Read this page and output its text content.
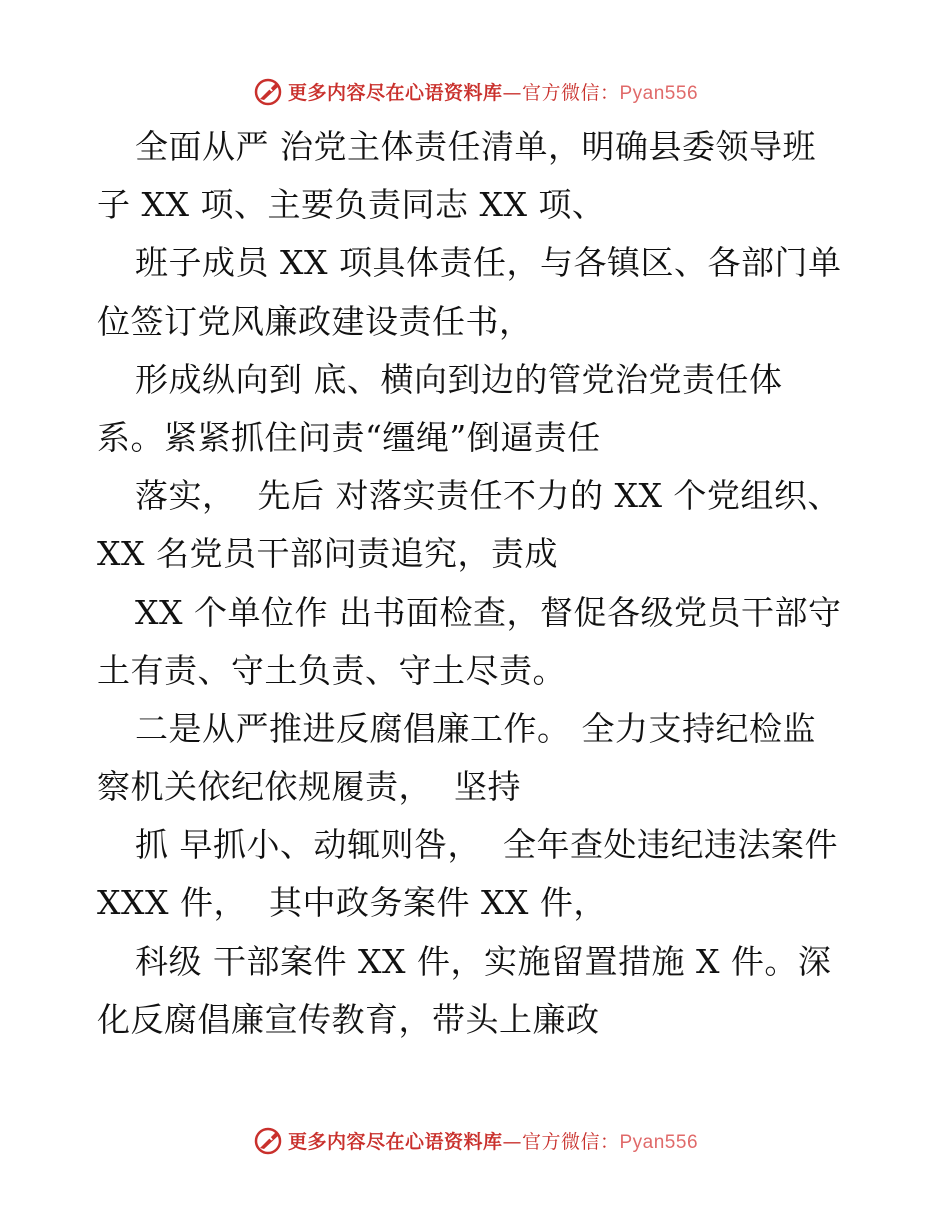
更多内容尽在心语资料库—官方微信：Pyan556
全面从严 治党主体责任清单，明确县委领导班
子 XX 项、主要负责同志 XX 项、
班子成员 XX 项具体责任，与各镇区、各部门单
位签订党风廉政建设责任书，
形成纵向到 底、横向到边的管党治党责任体
系。紧紧抓住问责“缰绳”倒逼责任
落实，  先后 对落实责任不力的 XX 个党组织、
XX 名党员干部问责追究，责成
XX 个单位作 出书面检查，督促各级党员干部守
土有责、守土负责、守土尽责。
二是从严推进反腐倡廉工作。 全力支持纪检监
察机关依纪依规履责，  坚持
抓 早抓小、动辄则咎，  全年查处违纪违法案件
XXX 件，  其中政务案件 XX 件，
科级 干部案件 XX 件，实施留置措施 X 件。深
化反腐倡廉宣传教育，带头上廉政
更多内容尽在心语资料库—官方微信：Pyan556
